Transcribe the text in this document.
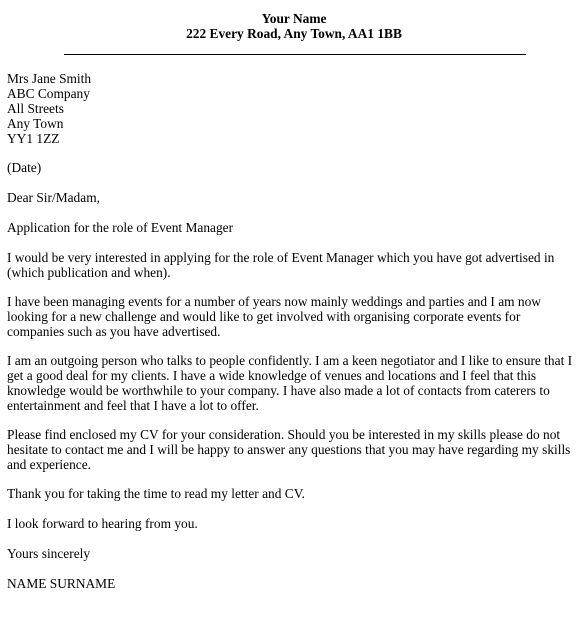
Your Name
222 Every Road, Any Town, AA1 1BB
Mrs Jane Smith
ABC Company
All Streets
Any Town
YY1 1ZZ
(Date)
Dear Sir/Madam,
Application for the role of Event Manager
I would be very interested in applying for the role of Event Manager which you have got advertised in
(which publication and when).
I have been managing events for a number of years now mainly weddings and parties and I am now
looking for a new challenge and would like to get involved with organising corporate events for
companies such as you have advertised.
I am an outgoing person who talks to people confidently. I am a keen negotiator and I like to ensure that I
get a good deal for my clients. I have a wide knowledge of venues and locations and I feel that this
knowledge would be worthwhile to your company. I have also made a lot of contacts from caterers to
entertainment and feel that I have a lot to offer.
Please find enclosed my CV for your consideration. Should you be interested in my skills please do not
hesitate to contact me and I will be happy to answer any questions that you may have regarding my skills
and experience.
Thank you for taking the time to read my letter and CV.
I look forward to hearing from you.
Yours sincerely
NAME SURNAME
